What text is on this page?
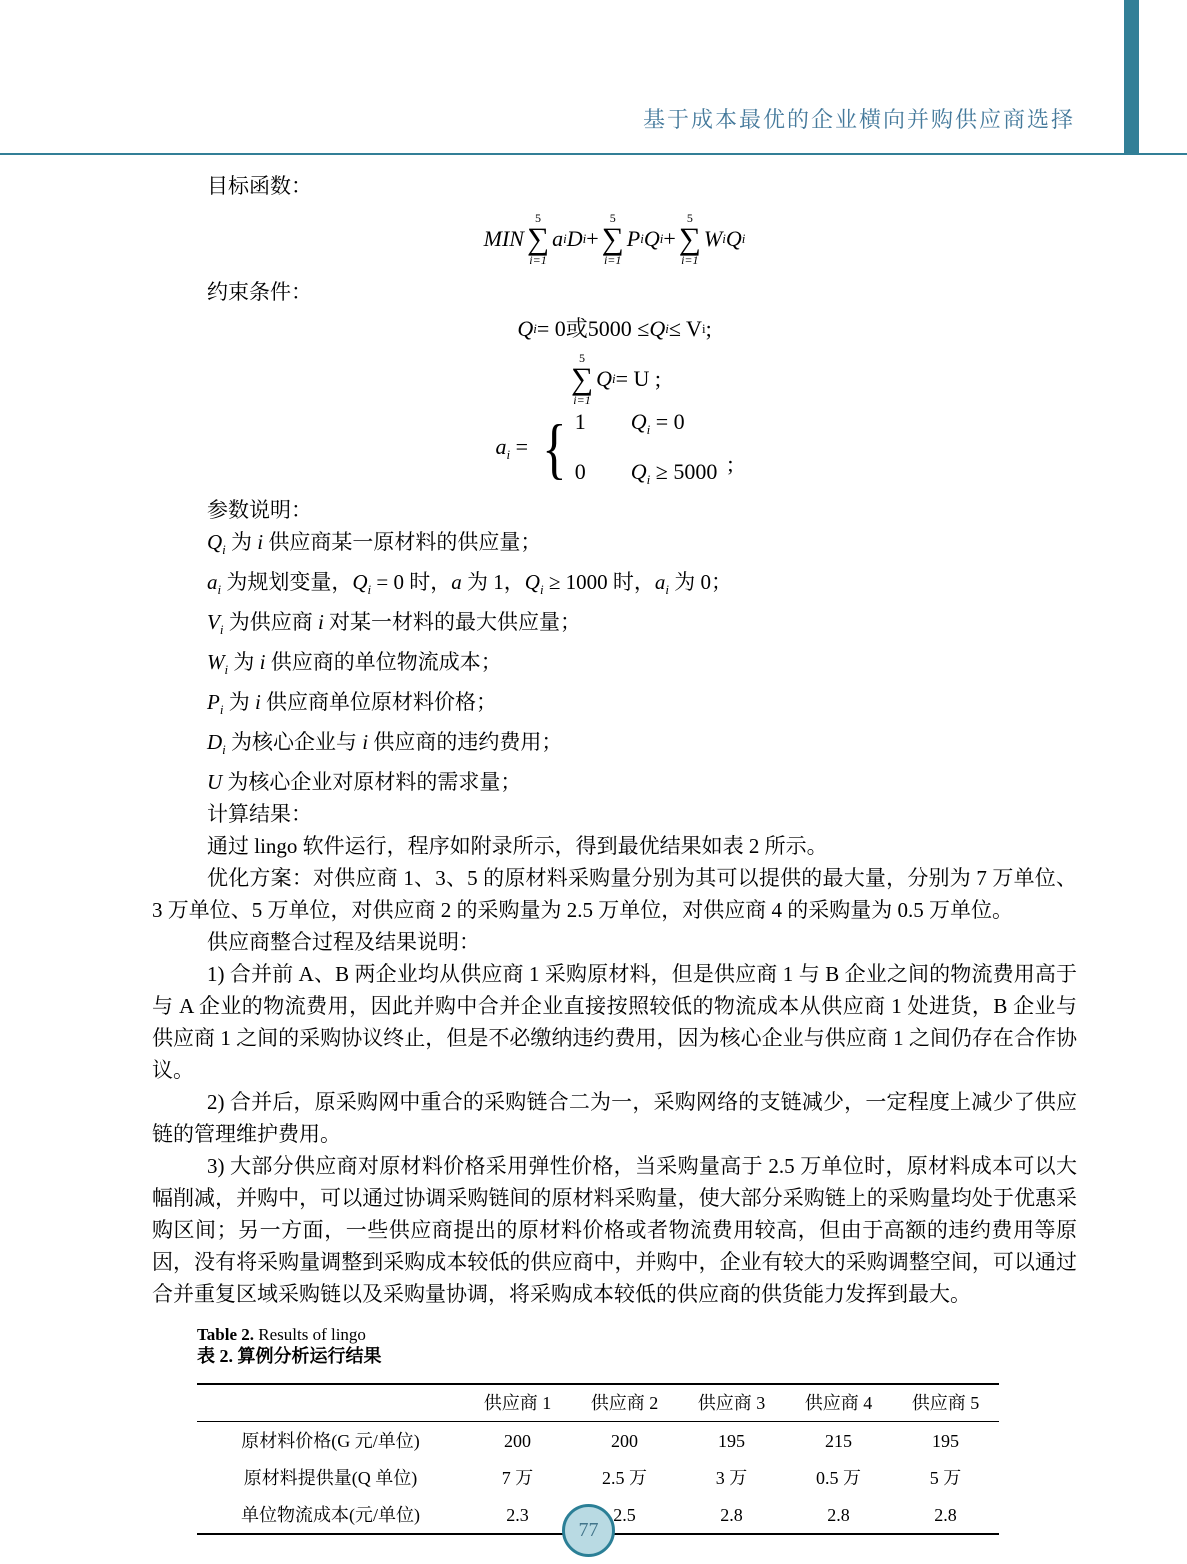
基于成本最优的企业横向并购供应商选择

目标函数：

MIN
5
∑
i=1
a i D i +
5
∑
i=1
P i Q i +
5
∑
i=1
W i Q i

约束条件：

Q i = 0 或 5000 ≤ Q i ≤ V i ;
5
∑
i=1
Q i = U ;
$a_i$ = { 1	$Q_i = 0$
0	$Q_i \ge 5000$ ;

参数说明：

$Q_i$ 为 i 供应商某一原材料的供应量；

$a_i$ 为规划变量，$Q_i = 0$ 时，a 为 1，$Q_i \ge 1000$ 时，$a_i$ 为 0；

$V_i$ 为供应商 i 对某一材料的最大供应量；

$W_i$ 为 i 供应商的单位物流成本；

$P_i$ 为 i 供应商单位原材料价格；

$D_i$ 为核心企业与 i 供应商的违约费用；

U 为核心企业对原材料的需求量；

计算结果：

通过 lingo 软件运行，程序如附录所示，得到最优结果如表 2 所示。

优化方案：对供应商 1、3、5 的原材料采购量分别为其可以提供的最大量，分别为 7 万单位、3 万单位、5 万单位，对供应商 2 的采购量为 2.5 万单位，对供应商 4 的采购量为 0.5 万单位。

供应商整合过程及结果说明：

1) 合并前 A、B 两企业均从供应商 1 采购原材料，但是供应商 1 与 B 企业之间的物流费用高于与 A 企业的物流费用，因此并购中合并企业直接按照较低的物流成本从供应商 1 处进货，B 企业与供应商 1 之间的采购协议终止，但是不必缴纳违约费用，因为核心企业与供应商 1 之间仍存在合作协议。

2) 合并后，原采购网中重合的采购链合二为一，采购网络的支链减少，一定程度上减少了供应链的管理维护费用。

3) 大部分供应商对原材料价格采用弹性价格，当采购量高于 2.5 万单位时，原材料成本可以大幅削减，并购中，可以通过协调采购链间的原材料采购量，使大部分采购链上的采购量均处于优惠采购区间；另一方面，一些供应商提出的原材料价格或者物流费用较高，但由于高额的违约费用等原因，没有将采购量调整到采购成本较低的供应商中，并购中，企业有较大的采购调整空间，可以通过合并重复区域采购链以及采购量协调，将采购成本较低的供应商的供货能力发挥到最大。

Table 2. Results of lingo

表 2. 算例分析运行结果

	供应商 1	供应商 2	供应商 3	供应商 4	供应商 5
原材料价格(G 元/单位)	200	200	195	215	195
原材料提供量(Q 单位)	7 万	2.5 万	3 万	0.5 万	5 万
单位物流成本(元/单位)	2.3	2.5	2.8	2.8	2.8
77
